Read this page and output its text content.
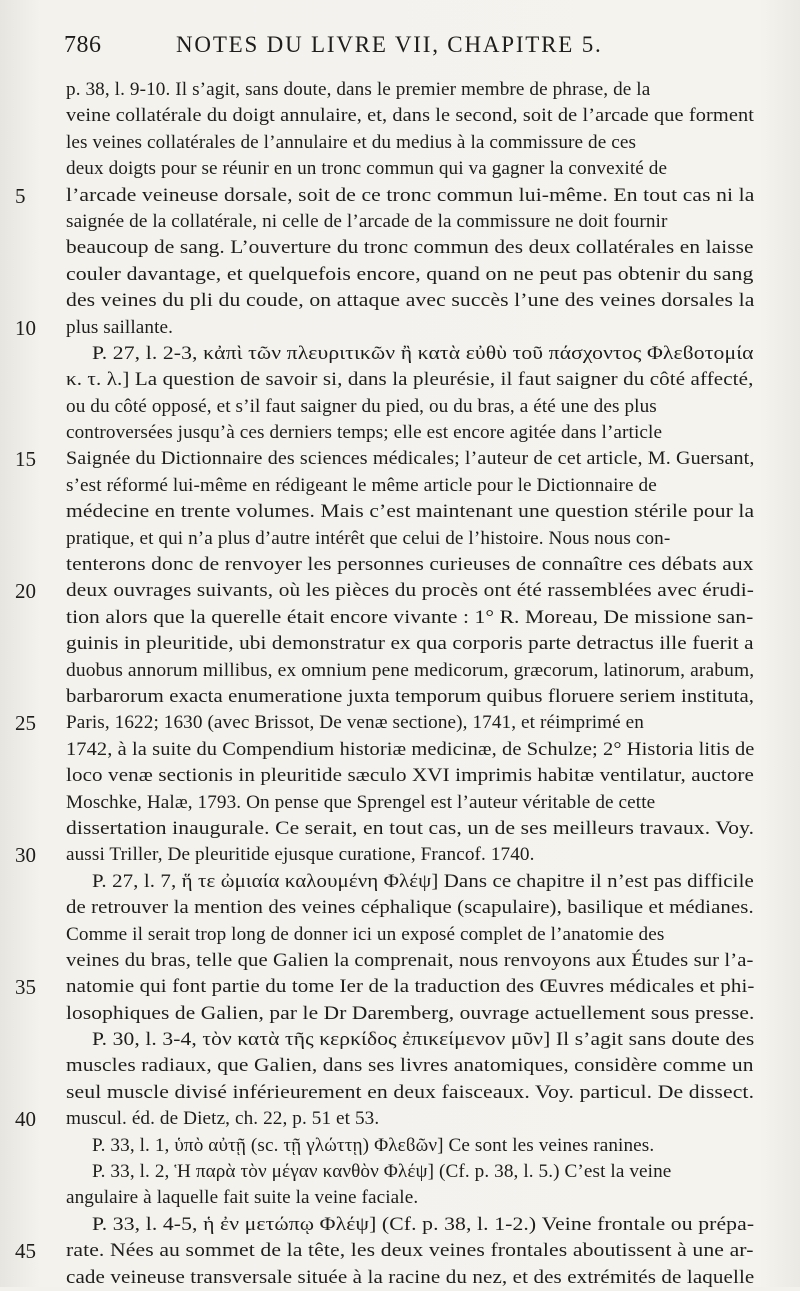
786	NOTES DU LIVRE VII, CHAPITRE 5.
p. 38, l. 9-10. Il s’agit, sans doute, dans le premier membre de phrase, de la
veine collatérale du doigt annulaire, et, dans le second, soit de l’arcade que forment
les veines collatérales de l’annulaire et du medius à la commissure de ces
deux doigts pour se réunir en un tronc commun qui va gagner la convexité de
5	l’arcade veineuse dorsale, soit de ce tronc commun lui-même. En tout cas ni la
saignée de la collatérale, ni celle de l’arcade de la commissure ne doit fournir
beaucoup de sang. L’ouverture du tronc commun des deux collatérales en laisse
couler davantage, et quelquefois encore, quand on ne peut pas obtenir du sang
des veines du pli du coude, on attaque avec succès l’une des veines dorsales la
10	plus saillante.
P. 27, l. 2-3, κἀπὶ τῶν πλευριτικῶν ἢ κατὰ εὐθὺ τοῦ πάσχοντος Φλεϐοτομία
κ. τ. λ.] La question de savoir si, dans la pleurésie, il faut saigner du côté affecté,
ou du côté opposé, et s’il faut saigner du pied, ou du bras, a été une des plus
controversées jusqu’à ces derniers temps; elle est encore agitée dans l’article
15	Saignée du Dictionnaire des sciences médicales; l’auteur de cet article, M. Guersant,
s’est réformé lui-même en rédigeant le même article pour le Dictionnaire de
médecine en trente volumes. Mais c’est maintenant une question stérile pour la
pratique, et qui n’a plus d’autre intérêt que celui de l’histoire. Nous nous con-
tenterons donc de renvoyer les personnes curieuses de connaître ces débats aux
20	deux ouvrages suivants, où les pièces du procès ont été rassemblées avec érudi-
tion alors que la querelle était encore vivante : 1° R. Moreau, De missione san-
guinis in pleuritide, ubi demonstratur ex qua corporis parte detractus ille fuerit a
duobus annorum millibus, ex omnium pene medicorum, græcorum, latinorum, arabum,
barbarorum exacta enumeratione juxta temporum quibus floruere seriem instituta,
25	Paris, 1622; 1630 (avec Brissot, De venæ sectione), 1741, et réimprimé en
1742, à la suite du Compendium historiæ medicinæ, de Schulze; 2° Historia litis de
loco venæ sectionis in pleuritide sæculo XVI imprimis habitæ ventilatur, auctore
Moschke, Halæ, 1793. On pense que Sprengel est l’auteur véritable de cette
dissertation inaugurale. Ce serait, en tout cas, un de ses meilleurs travaux. Voy.
30	aussi Triller, De pleuritide ejusque curatione, Francof. 1740.
P. 27, l. 7, ἥ τε ὠμιαία καλουμένη Φλέψ] Dans ce chapitre il n’est pas difficile
de retrouver la mention des veines céphalique (scapulaire), basilique et médianes.
Comme il serait trop long de donner ici un exposé complet de l’anatomie des
veines du bras, telle que Galien la comprenait, nous renvoyons aux Études sur l’a-
35	natomie qui font partie du tome Ier de la traduction des Œuvres médicales et phi-
losophiques de Galien, par le Dr Daremberg, ouvrage actuellement sous presse.
P. 30, l. 3-4, τὸν κατὰ τῆς κερκίδος ἐπικείμενον μῦν] Il s’agit sans doute des
muscles radiaux, que Galien, dans ses livres anatomiques, considère comme un
seul muscle divisé inférieurement en deux faisceaux. Voy. particul. De dissect.
40	muscul. éd. de Dietz, ch. 22, p. 51 et 53.
P. 33, l. 1, ὑπὸ αὐτῇ (sc. τῇ γλώττῃ) Φλεϐῶν] Ce sont les veines ranines.
P. 33, l. 2, Ἡ παρὰ τὸν μέγαν κανθὸν Φλέψ] (Cf. p. 38, l. 5.) C’est la veine
angulaire à laquelle fait suite la veine faciale.
P. 33, l. 4-5, ἡ ἐν μετώπῳ Φλέψ] (Cf. p. 38, l. 1-2.) Veine frontale ou prépa-
45	rate. Nées au sommet de la tête, les deux veines frontales aboutissent à une ar-
cade veineuse transversale située à la racine du nez, et des extrémités de laquelle
